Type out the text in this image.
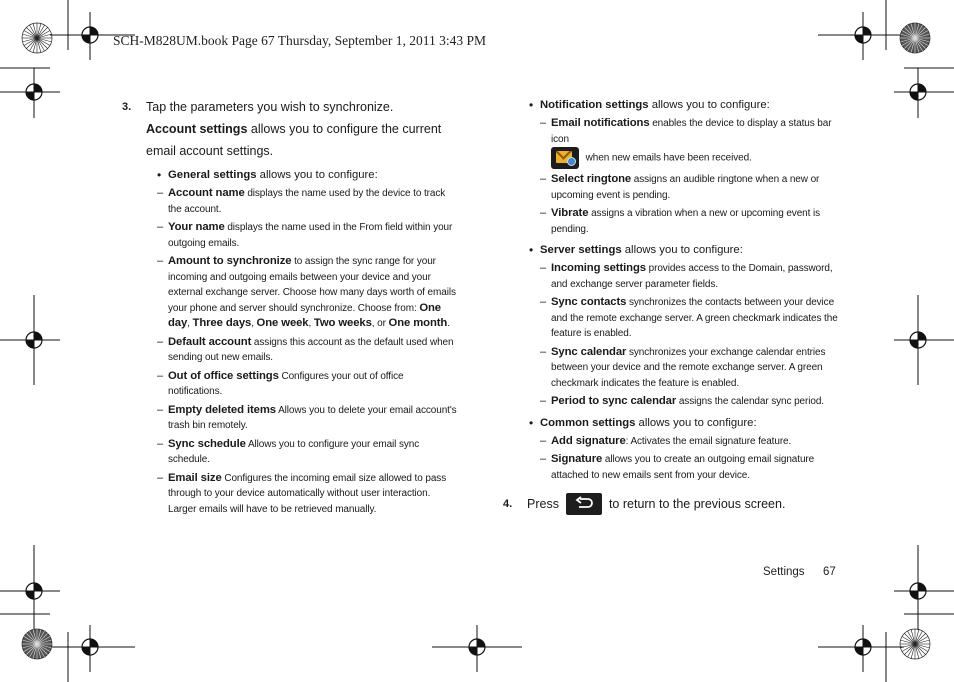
SCH-M828UM.book Page 67 Thursday, September 1, 2011 3:43 PM
3. Tap the parameters you wish to synchronize.
Account settings allows you to configure the current email account settings.
• General settings allows you to configure:
– Account name displays the name used by the device to track the account.
– Your name displays the name used in the From field within your outgoing emails.
– Amount to synchronize to assign the sync range for your incoming and outgoing emails between your device and your external exchange server. Choose how many days worth of emails your phone and server should synchronize. Choose from: One day, Three days, One week, Two weeks, or One month.
– Default account assigns this account as the default used when sending out new emails.
– Out of office settings Configures your out of office notifications.
– Empty deleted items Allows you to delete your email account's trash bin remotely.
– Sync schedule Allows you to configure your email sync schedule.
– Email size Configures the incoming email size allowed to pass through to your device automatically without user interaction. Larger emails will have to be retrieved manually.
• Notification settings allows you to configure:
– Email notifications enables the device to display a status bar icon

when new emails have been received.
– Select ringtone assigns an audible ringtone when a new or upcoming event is pending.
– Vibrate assigns a vibration when a new or upcoming event is pending.
• Server settings allows you to configure:
– Incoming settings provides access to the Domain, password, and exchange server parameter fields.
– Sync contacts synchronizes the contacts between your device and the remote exchange server. A green checkmark indicates the feature is enabled.
– Sync calendar synchronizes your exchange calendar entries between your device and the remote exchange server. A green checkmark indicates the feature is enabled.
– Period to sync calendar assigns the calendar sync period.
• Common settings allows you to configure:
– Add signature: Activates the email signature feature.
– Signature allows you to create an outgoing email signature attached to new emails sent from your device.
4. Press	to return to the previous screen.
Settings 67
